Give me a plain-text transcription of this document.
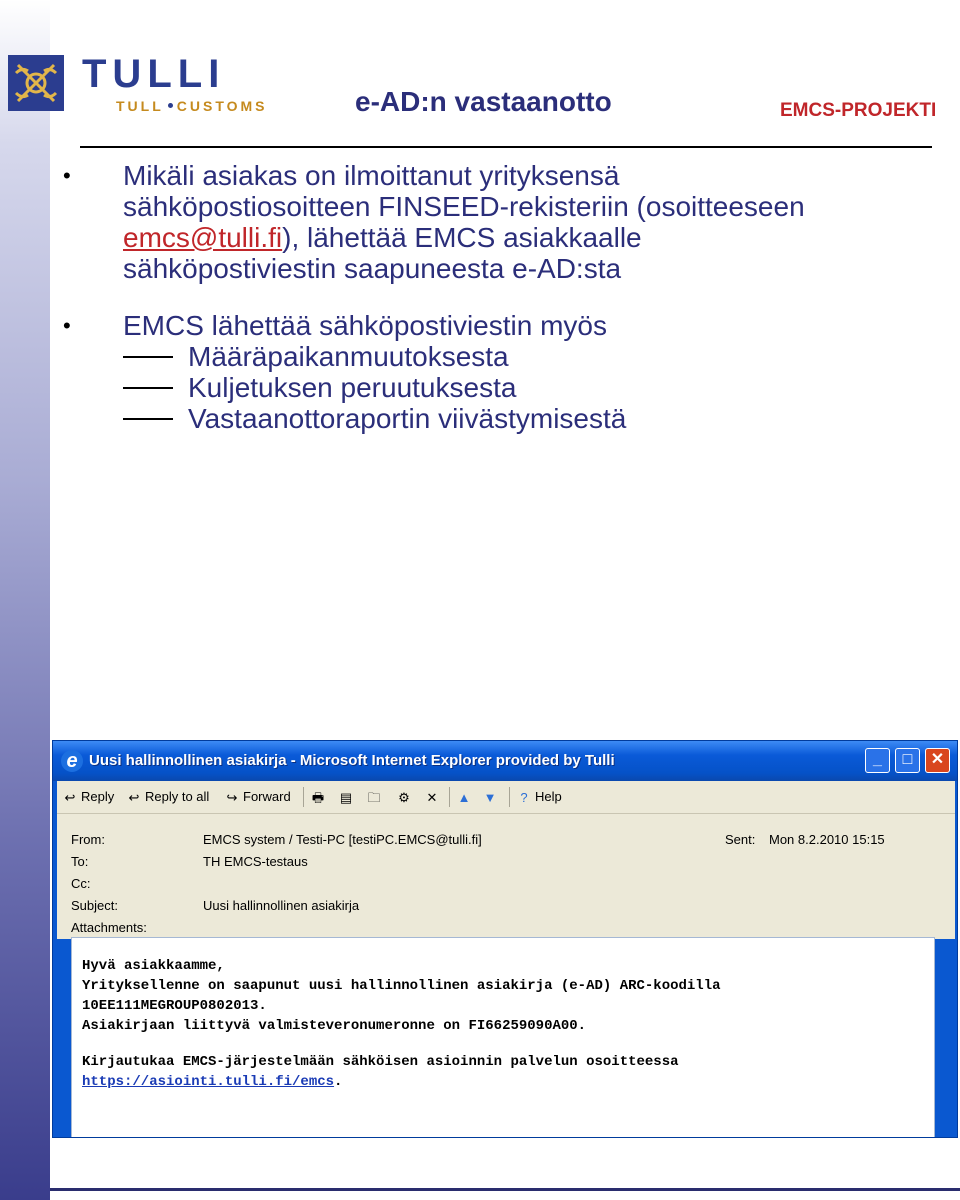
TULLI
TULL CUSTOMS	e-AD:n vastaanotto	EMCS-PROJEKTI
• Mikäli asiakas on ilmoittanut yrityksensä
sähköpostiosoitteen FINSEED-rekisteriin (osoitteeseen
emcs@tulli.fi), lähettää EMCS asiakkaalle
sähköpostiviestin saapuneesta e-AD:sta
• EMCS lähettää sähköpostiviestin myös
Määräpaikanmuutoksesta
Kuljetuksen peruutuksesta
Vastaanottoraportin viivästymisestä
e Uusi hallinnollinen asiakirja - Microsoft Internet Explorer provided by Tulli	_	□	✕
↩ Reply ↩ Reply to all ↪ Forward 🖶	▤	🗀	⚙	✕	▲	▼	? Help
From:	EMCS system / Testi-PC [testiPC.EMCS@tulli.fi]	Sent: Mon 8.2.2010 15:15
To:	TH EMCS-testaus
Cc:
Subject:	Uusi hallinnollinen asiakirja
Attachments:

Hyvä asiakkaamme,

Yrityksellenne on saapunut uusi hallinnollinen asiakirja (e-AD) ARC-koodilla

10EE111MEGROUP0802013.

Asiakirjaan liittyvä valmisteveronumeronne on FI66259090A00.

Kirjautukaa EMCS-järjestelmään sähköisen asioinnin palvelun osoitteessa

https://asiointi.tulli.fi/emcs.
